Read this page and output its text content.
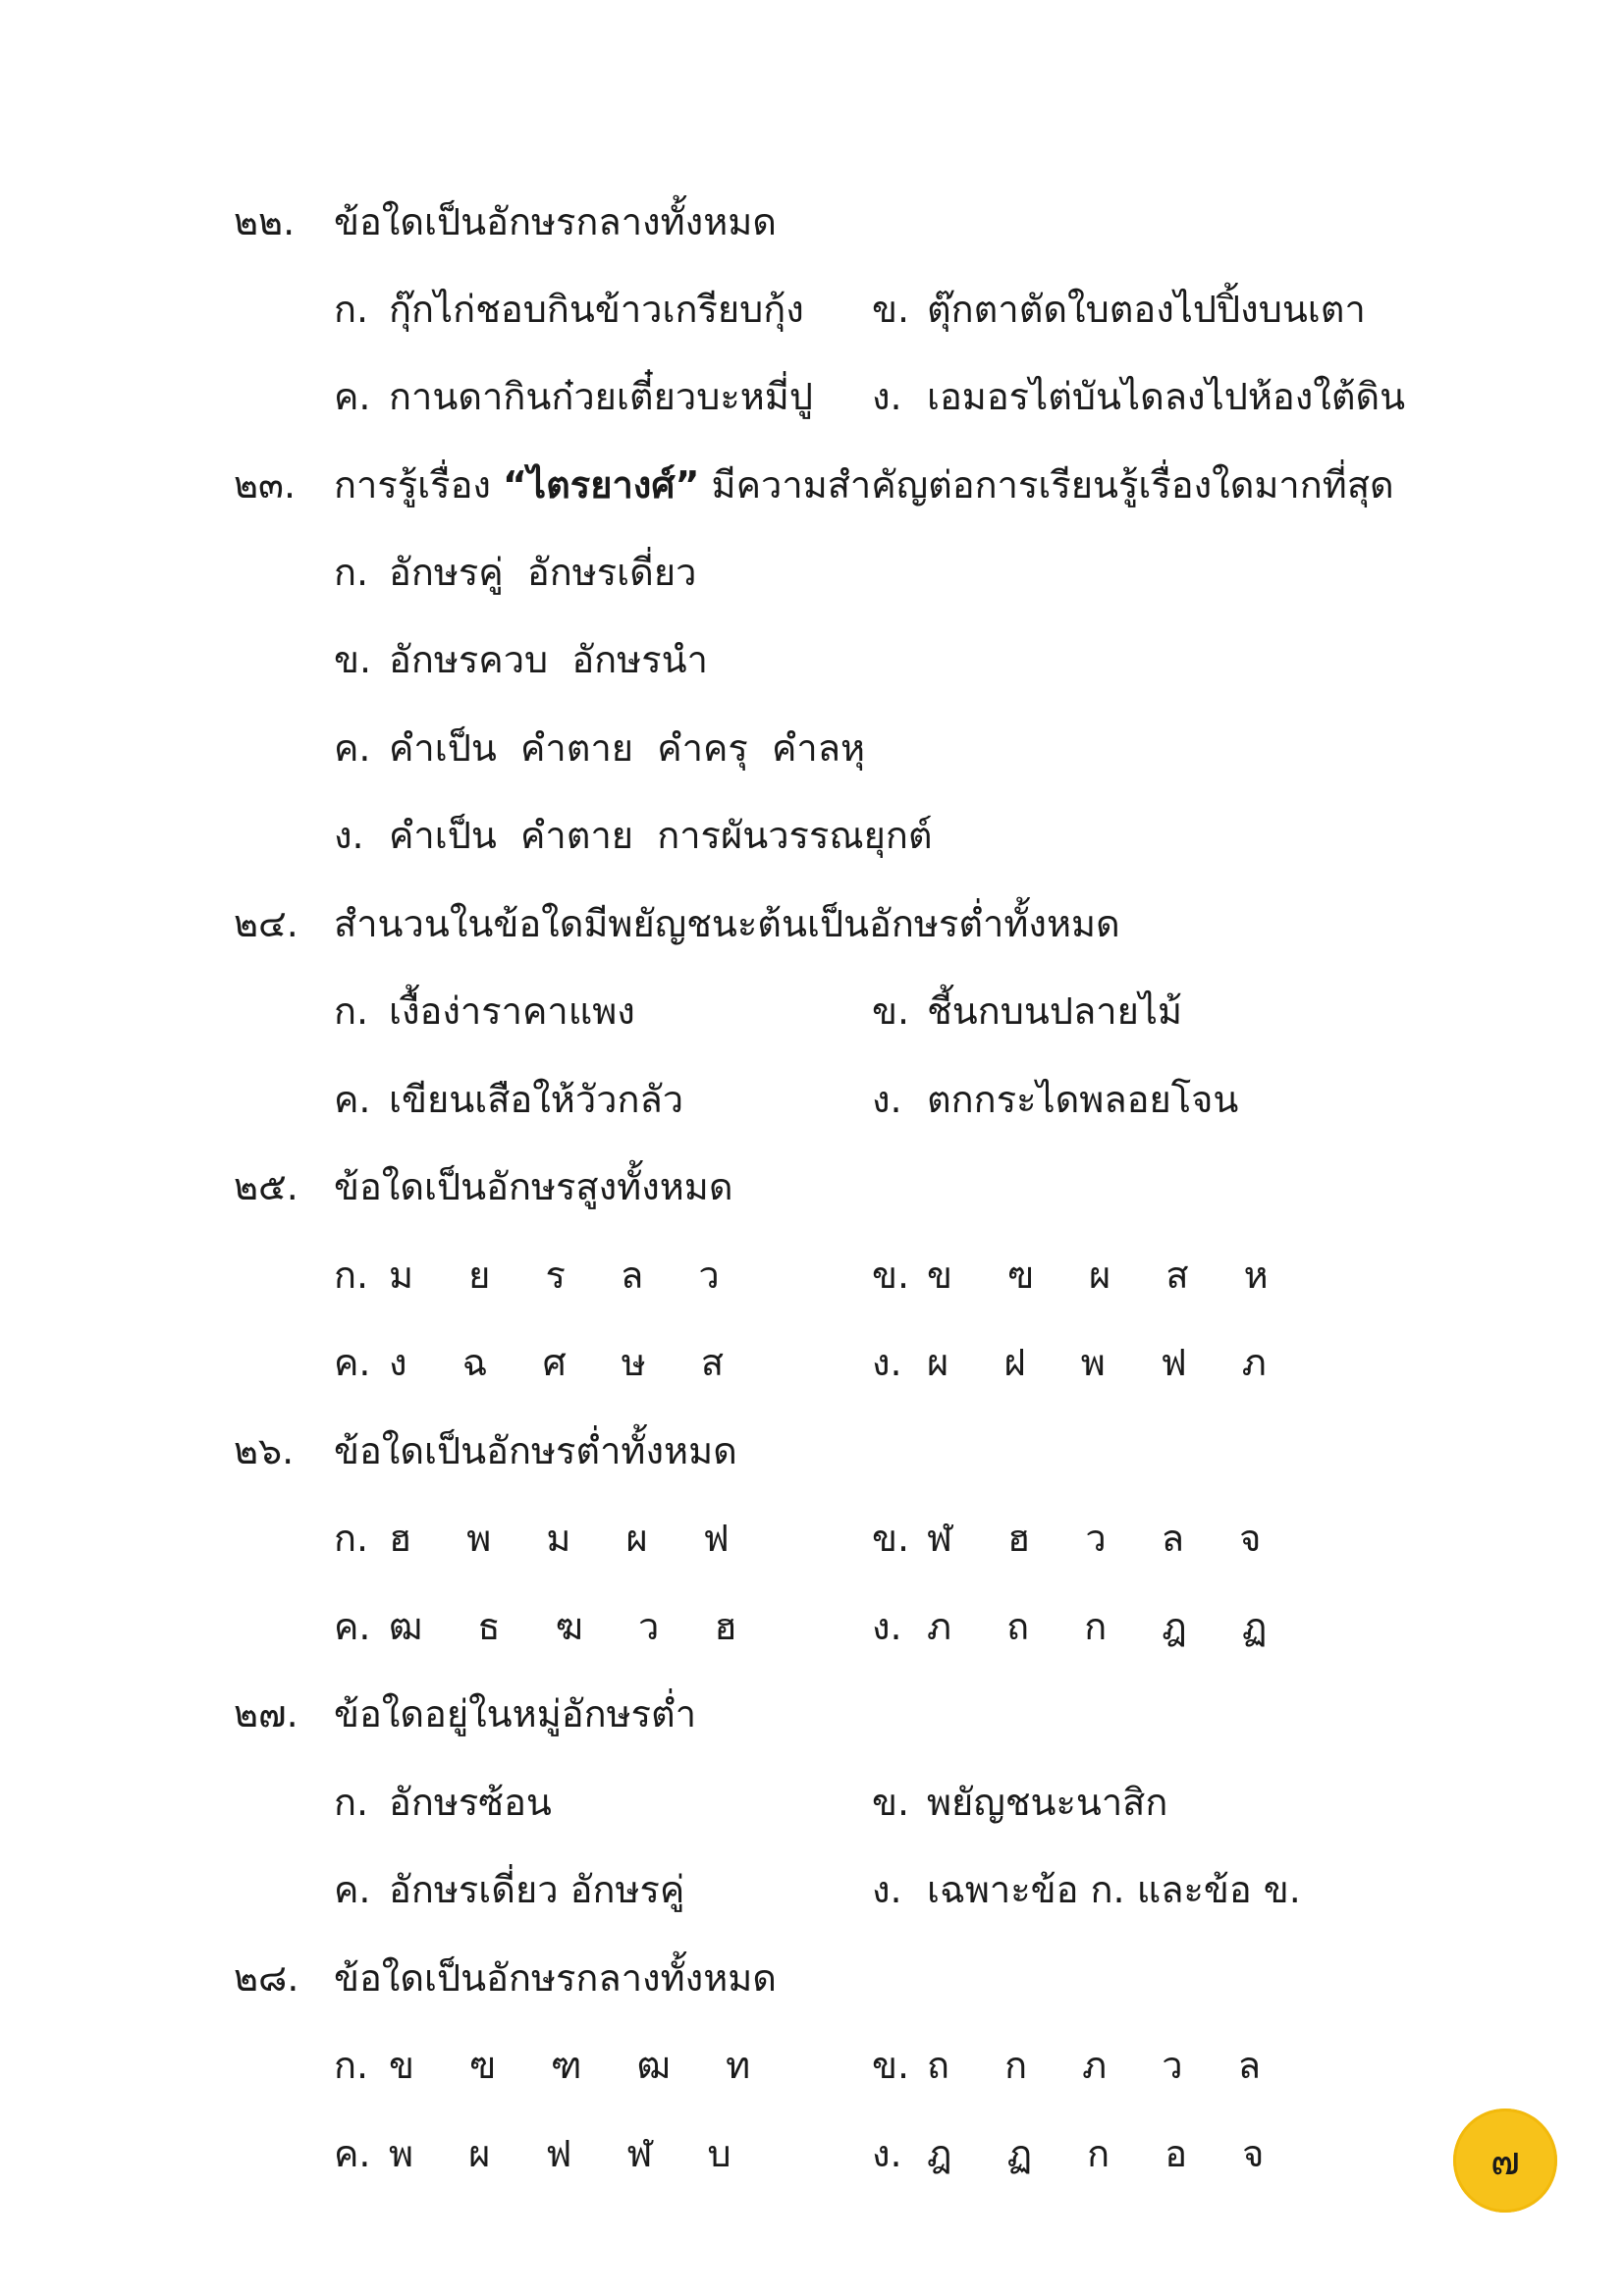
๒๒.	ข้อใดเป็นอักษรกลางทั้งหมด
ก. กุ๊กไก่ชอบกินข้าวเกรียบกุ้ง ข. ตุ๊กตาตัดใบตองไปปิ้งบนเตา
ค. กานดากินก๋วยเตี๋ยวบะหมี่ปู ง. เอมอรไต่บันไดลงไปห้องใต้ดิน
๒๓.	การรู้เรื่อง “ไตรยางศ์” มีความสำคัญต่อการเรียนรู้เรื่องใดมากที่สุด
ก. อักษรคู่  อักษรเดี่ยว
ข. อักษรควบ  อักษรนำ
ค. คำเป็น  คำตาย  คำครุ  คำลหุ
ง. คำเป็น  คำตาย  การผันวรรณยุกต์
๒๔. สำนวนในข้อใดมีพยัญชนะต้นเป็นอักษรต่ำทั้งหมด
ก. เงื้อง่าราคาแพง	ข. ชี้นกบนปลายไม้
ค. เขียนเสือให้วัวกลัว	ง. ตกกระไดพลอยโจน
๒๕. ข้อใดเป็นอักษรสูงทั้งหมด
ก. ม ย ร ล ว	ข. ข ฃ ผ ส ห
ค. ง ฉ ศ ษ ส	ง. ผ ฝ พ ฟ ภ
๒๖.	ข้อใดเป็นอักษรต่ำทั้งหมด
ก. ฮ พ ม ผ ฟ	ข. ฬ ฮ ว ล จ
ค. ฒ ธ ฆ ว ฮ	ง. ภ ถ ก ฎ ฏ
๒๗. ข้อใดอยู่ในหมู่อักษรต่ำ
ก. อักษรซ้อน	ข. พยัญชนะนาสิก
ค. อักษรเดี่ยว อักษรคู่	ง. เฉพาะข้อ ก. และข้อ ข.
๒๘. ข้อใดเป็นอักษรกลางทั้งหมด
ก. ข ฃ ฑ ฒ ท	ข. ถ ก ภ ว ล
ค. พ ผ ฟ ฬ บ	ง. ฎ ฏ ก อ จ	๗
